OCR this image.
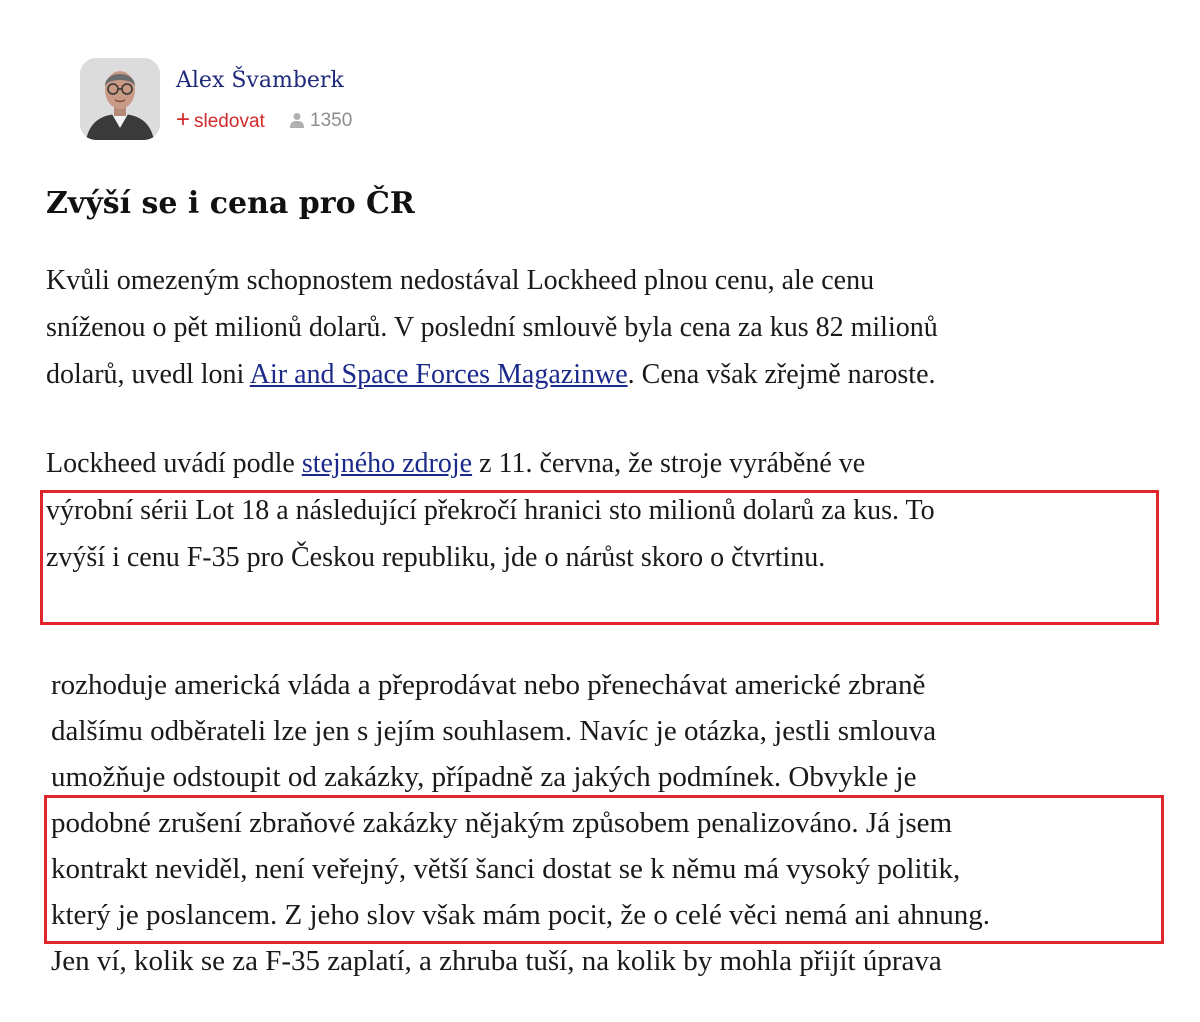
Alex Švamberk
+ sledovat	1350
Zvýší se i cena pro ČR

Kvůli omezeným schopnostem nedostával Lockheed plnou cenu, ale cenu
sníženou o pět milionů dolarů. V poslední smlouvě byla cena za kus 82 milionů
dolarů, uvedl loni Air and Space Forces Magazinwe. Cena však zřejmě naroste.

Lockheed uvádí podle stejného zdroje z 11. června, že stroje vyráběné ve
výrobní sérii Lot 18 a následující překročí hranici sto milionů dolarů za kus. To
zvýší i cenu F-35 pro Českou republiku, jde o nárůst skoro o čtvrtinu.

rozhoduje americká vláda a přeprodávat nebo přenechávat americké zbraně
dalšímu odběrateli lze jen s jejím souhlasem. Navíc je otázka, jestli smlouva
umožňuje odstoupit od zakázky, případně za jakých podmínek. Obvykle je
podobné zrušení zbraňové zakázky nějakým způsobem penalizováno. Já jsem
kontrakt neviděl, není veřejný, větší šanci dostat se k němu má vysoký politik,
který je poslancem. Z jeho slov však mám pocit, že o celé věci nemá ani ahnung.
Jen ví, kolik se za F-35 zaplatí, a zhruba tuší, na kolik by mohla přijít úprava
